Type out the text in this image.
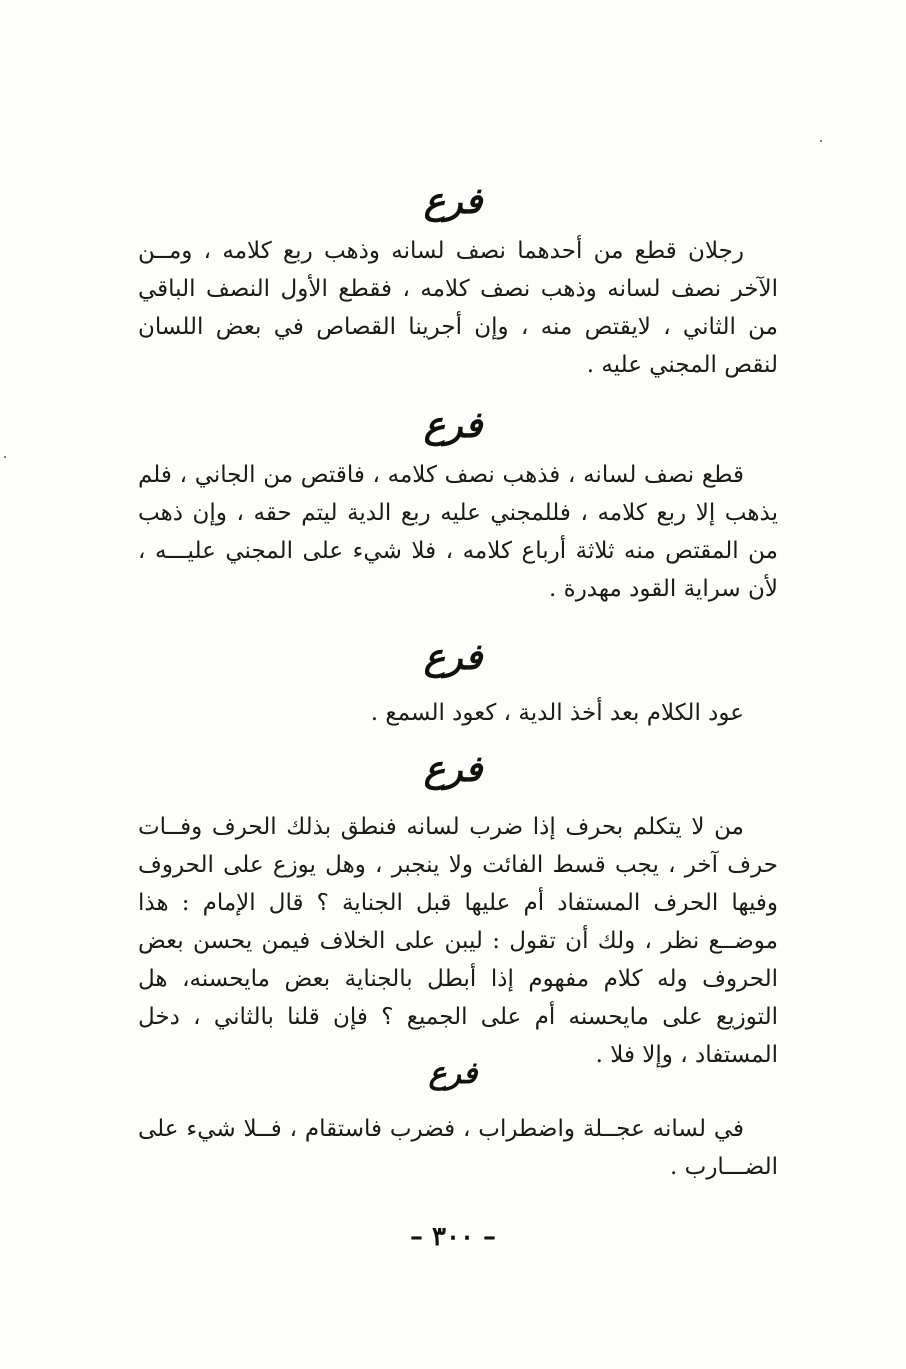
فرع

رجلان قطع من أحدهما نصف لسانه وذهب ربع كلامه ، ومــن الآخر نصف لسانه وذهب نصف كلامه ، فقطع الأول النصف الباقي من الثاني ، لايقتص منه ، وإن أجرينا القصاص في بعض اللسان لنقص المجني عليه .

فرع

قطع نصف لسانه ، فذهب نصف كلامه ، فاقتص من الجاني ، فلم يذهب إلا ربع كلامه ، فللمجني عليه ربع الدية ليتم حقه ، وإن ذهب من المقتص منه ثلاثة أرباع كلامه ، فلا شيء على المجني عليـــه ، لأن سراية القود مهدرة .

فرع

عود الكلام بعد أخذ الدية ، كعود السمع .

فرع

من لا يتكلم بحرف إذا ضرب لسانه فنطق بذلك الحرف وفــات حرف آخر ، يجب قسط الفائت ولا ينجبر ، وهل يوزع على الحروف وفيها الحرف المستفاد أم عليها قبل الجناية ؟ قال الإمام : هذا موضــع نظر ، ولك أن تقول : ليبن على الخلاف فيمن يحسن بعض الحروف وله كلام مفهوم إذا أبطل بالجناية بعض مايحسنه، هل التوزيع على مايحسنه أم على الجميع ؟ فإن قلنا بالثاني ، دخل المستفاد ، وإلا فلا .

فرع

في لسانه عجــلة واضطراب ، فضرب فاستقام ، فــلا شيء على الضـــارب .

– ٣٠٠ –
